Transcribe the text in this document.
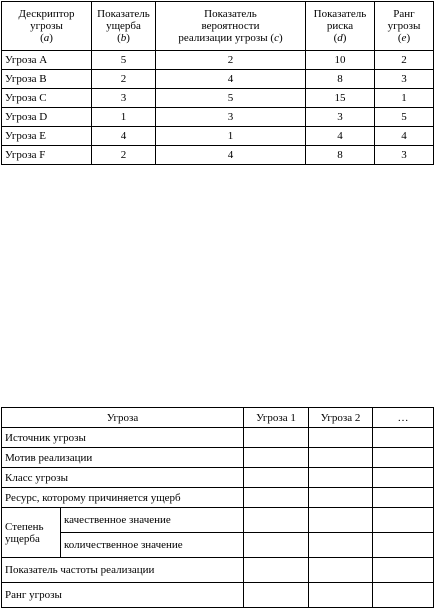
Дескриптор
угрозы
(a)	Показатель
ущерба
(b)	Показатель
вероятности
реализации угрозы (c)	Показатель
риска
(d)	Ранг
угрозы
(e)

Угроза A	5	2	10	2
Угроза B	2	4	8	3
Угроза C	3	5	15	1
Угроза D	1	3	3	5
Угроза E	4	1	4	4
Угроза F	2	4	8	3
Угроза		Угроза 1	Угроза 2	…
Источник угрозы				
Мотив реализации				
Класс угрозы				
Ресурс, которому причиняется ущерб				
Степень ущерба	качественное значение			
	количественное значение			
Показатель частоты реализации				
Ранг угрозы				
